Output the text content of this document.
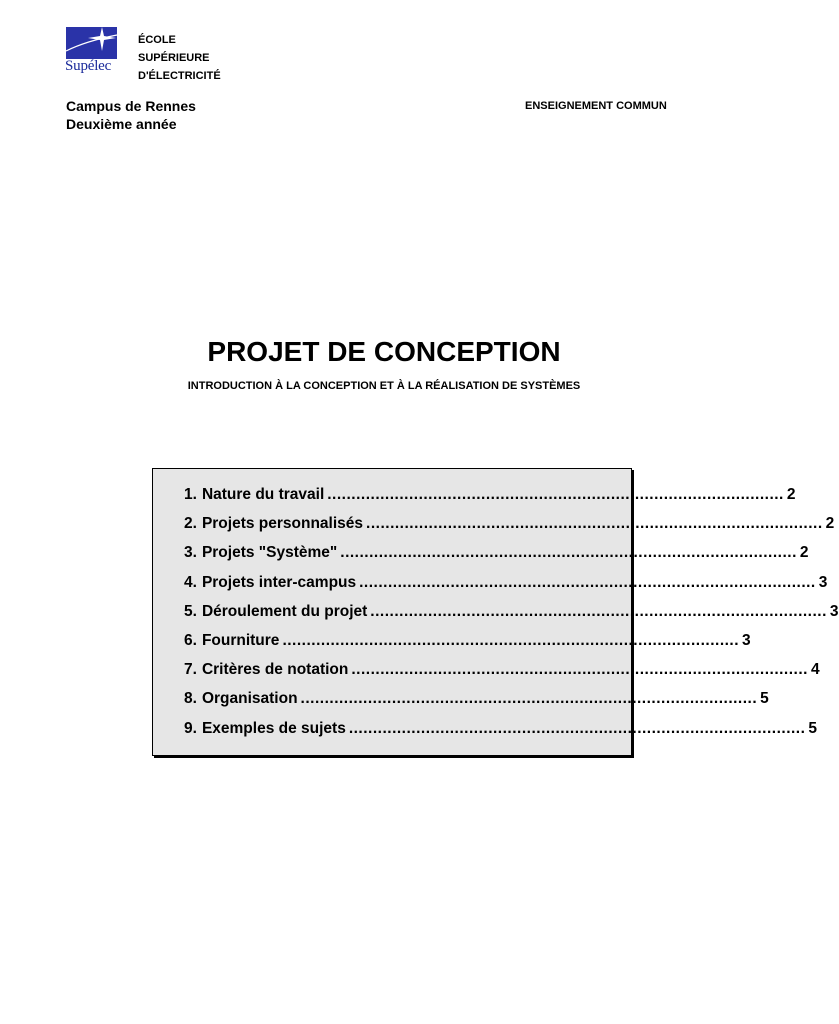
Supélec
ÉCOLE
SUPÉRIEURE
D'ÉLECTRICITÉ
Campus de Rennes
Deuxième année
ENSEIGNEMENT COMMUN
PROJET DE CONCEPTION
INTRODUCTION À LA CONCEPTION ET À LA RÉALISATION DE SYSTÈMES
1. Nature du travail ............................................................................................... 2
2. Projets personnalisés ............................................................................................... 2
3. Projets "Système" ............................................................................................... 2
4. Projets inter-campus ............................................................................................... 3
5. Déroulement du projet ............................................................................................... 3
6. Fourniture ............................................................................................... 3
7. Critères de notation ............................................................................................... 4
8. Organisation ............................................................................................... 5
9. Exemples de sujets ............................................................................................... 5
